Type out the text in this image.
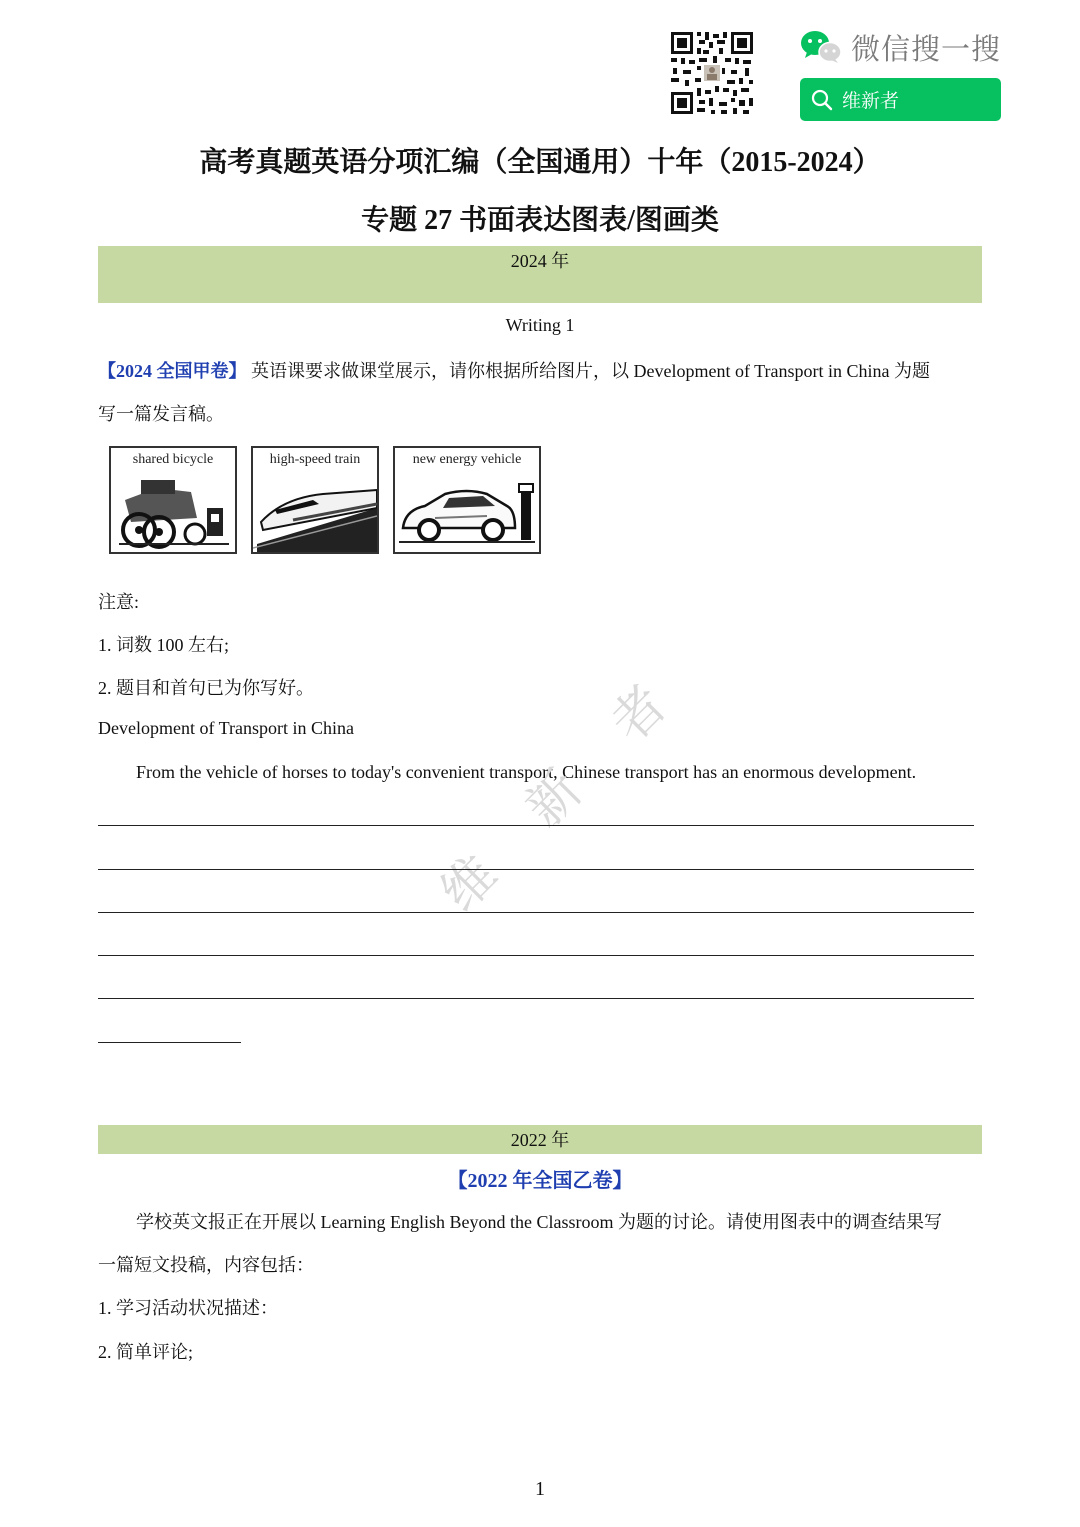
微信搜一搜
维新者
高考真题英语分项汇编（全国通用）十年（2015-2024）
专题 27 书面表达图表/图画类
2024 年
Writing 1
【2024 全国甲卷】 英语课要求做课堂展示，请你根据所给图片，以 Development of Transport in China 为题
写一篇发言稿。
shared bicycle	high-speed train	new energy vehicle
注意:
1. 词数 100 左右;
2. 题目和首句已为你写好。
Development of Transport in China
From the vehicle of horses to today's convenient transport, Chinese transport has an enormous development.
维
新
者
2022 年
【2022 年全国乙卷】
学校英文报正在开展以 Learning English Beyond the Classroom 为题的讨论。请使用图表中的调查结果写
一篇短文投稿，内容包括：
1. 学习活动状况描述：
2. 简单评论;
1
